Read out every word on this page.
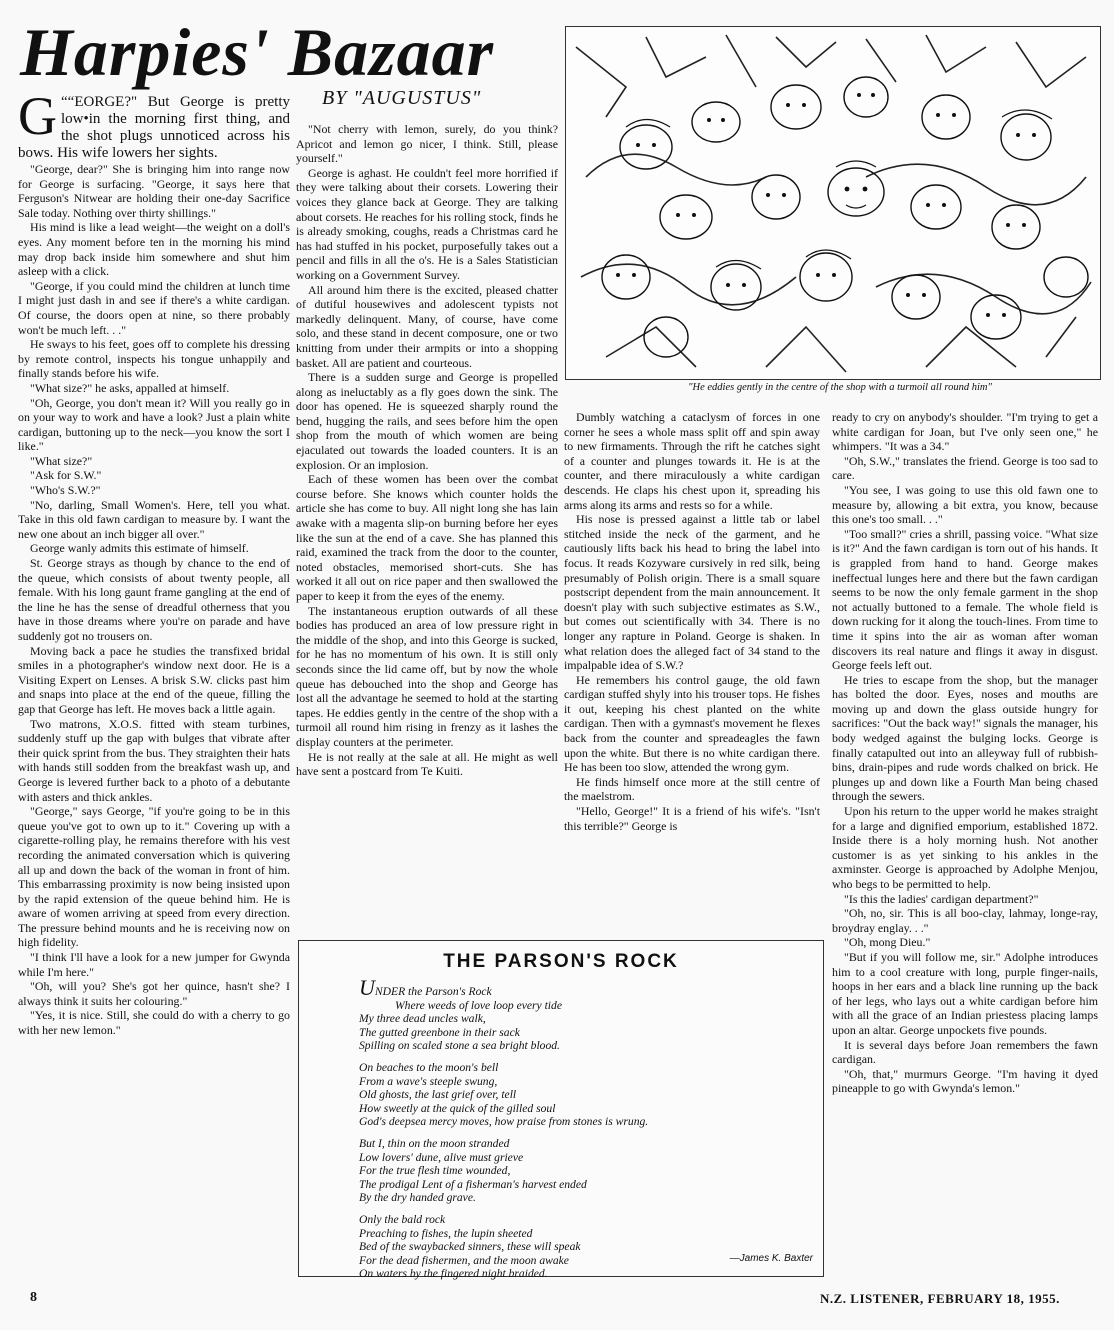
Harpies' Bazaar
BY "AUGUSTUS"
"He eddies gently in the centre of the shop with a turmoil all round him"

““
G EORGE?" But George is pretty low•in the morning first thing, and the shot plugs unnoticed across his bows. His wife lowers her sights.

"George, dear?" She is bringing him into range now for George is surfacing. "George, it says here that Ferguson's Nitwear are holding their one-day Sacrifice Sale today. Nothing over thirty shillings."

His mind is like a lead weight—the weight on a doll's eyes. Any moment before ten in the morning his mind may drop back inside him somewhere and shut him asleep with a click.

"George, if you could mind the children at lunch time I might just dash in and see if there's a white cardigan. Of course, the doors open at nine, so there probably won't be much left. . ."

He sways to his feet, goes off to complete his dressing by remote control, inspects his tongue unhappily and finally stands before his wife.

"What size?" he asks, appalled at himself.

"Oh, George, you don't mean it? Will you really go in on your way to work and have a look? Just a plain white cardigan, buttoning up to the neck—you know the sort I like."

"What size?"

"Ask for S.W."

"Who's S.W.?"

"No, darling, Small Women's. Here, tell you what. Take in this old fawn cardigan to measure by. I want the new one about an inch bigger all over."

George wanly admits this estimate of himself.

St. George strays as though by chance to the end of the queue, which consists of about twenty people, all female. With his long gaunt frame gangling at the end of the line he has the sense of dreadful otherness that you have in those dreams where you're on parade and have suddenly got no trousers on.

Moving back a pace he studies the transfixed bridal smiles in a photographer's window next door. He is a Visiting Expert on Lenses. A brisk S.W. clicks past him and snaps into place at the end of the queue, filling the gap that George has left. He moves back a little again.

Two matrons, X.O.S. fitted with steam turbines, suddenly stuff up the gap with bulges that vibrate after their quick sprint from the bus. They straighten their hats with hands still sodden from the breakfast wash up, and George is levered further back to a photo of a debutante with asters and thick ankles.

"George," says George, "if you're going to be in this queue you've got to own up to it." Covering up with a cigarette-rolling play, he remains therefore with his vest recording the animated conversation which is quivering all up and down the back of the woman in front of him. This embarrassing proximity is now being insisted upon by the rapid extension of the queue behind him. He is aware of women arriving at speed from every direction. The pressure behind mounts and he is receiving now on high fidelity.

"I think I'll have a look for a new jumper for Gwynda while I'm here."

"Oh, will you? She's got her quince, hasn't she? I always think it suits her colouring."

"Yes, it is nice. Still, she could do with a cherry to go with her new lemon."

"Not cherry with lemon, surely, do you think? Apricot and lemon go nicer, I think. Still, please yourself."

George is aghast. He couldn't feel more horrified if they were talking about their corsets. Lowering their voices they glance back at George. They are talking about corsets. He reaches for his rolling stock, finds he is already smoking, coughs, reads a Christmas card he has had stuffed in his pocket, purposefully takes out a pencil and fills in all the o's. He is a Sales Statistician working on a Government Survey.

All around him there is the excited, pleased chatter of dutiful housewives and adolescent typists not markedly delinquent. Many, of course, have come solo, and these stand in decent composure, one or two knitting from under their armpits or into a shopping basket. All are patient and courteous.

There is a sudden surge and George is propelled along as ineluctably as a fly goes down the sink. The door has opened. He is squeezed sharply round the bend, hugging the rails, and sees before him the open shop from the mouth of which women are being ejaculated out towards the loaded counters. It is an explosion. Or an implosion.

Each of these women has been over the combat course before. She knows which counter holds the article she has come to buy. All night long she has lain awake with a magenta slip-on burning before her eyes like the sun at the end of a cave. She has planned this raid, examined the track from the door to the counter, noted obstacles, memorised short-cuts. She has worked it all out on rice paper and then swallowed the paper to keep it from the eyes of the enemy.

The instantaneous eruption outwards of all these bodies has produced an area of low pressure right in the middle of the shop, and into this George is sucked, for he has no momentum of his own. It is still only seconds since the lid came off, but by now the whole queue has debouched into the shop and George has lost all the advantage he seemed to hold at the starting tapes. He eddies gently in the centre of the shop with a turmoil all round him rising in frenzy as it lashes the display counters at the perimeter.

He is not really at the sale at all. He might as well have sent a postcard from Te Kuiti.

Dumbly watching a cataclysm of forces in one corner he sees a whole mass split off and spin away to new firmaments. Through the rift he catches sight of a counter and plunges towards it. He is at the counter, and there miraculously a white cardigan descends. He claps his chest upon it, spreading his arms along its arms and rests so for a while.

His nose is pressed against a little tab or label stitched inside the neck of the garment, and he cautiously lifts back his head to bring the label into focus. It reads Kozyware cursively in red silk, being presumably of Polish origin. There is a small square postscript dependent from the main announcement. It doesn't play with such subjective estimates as S.W., but comes out scientifically with 34. There is no longer any rapture in Poland. George is shaken. In what relation does the alleged fact of 34 stand to the impalpable idea of S.W.?

He remembers his control gauge, the old fawn cardigan stuffed shyly into his trouser tops. He fishes it out, keeping his chest planted on the white cardigan. Then with a gymnast's movement he flexes back from the counter and spreadeagles the fawn upon the white. But there is no white cardigan there. He has been too slow, attended the wrong gym.

He finds himself once more at the still centre of the maelstrom.

"Hello, George!" It is a friend of his wife's. "Isn't this terrible?" George is

ready to cry on anybody's shoulder. "I'm trying to get a white cardigan for Joan, but I've only seen one," he whimpers. "It was a 34."

"Oh, S.W.," translates the friend. George is too sad to care.

"You see, I was going to use this old fawn one to measure by, allowing a bit extra, you know, because this one's too small. . ."

"Too small?" cries a shrill, passing voice. "What size is it?" And the fawn cardigan is torn out of his hands. It is grappled from hand to hand. George makes ineffectual lunges here and there but the fawn cardigan seems to be now the only female garment in the shop not actually buttoned to a female. The whole field is down rucking for it along the touch-lines. From time to time it spins into the air as woman after woman discovers its real nature and flings it away in disgust. George feels left out.

He tries to escape from the shop, but the manager has bolted the door. Eyes, noses and mouths are moving up and down the glass outside hungry for sacrifices: "Out the back way!" signals the manager, his body wedged against the bulging locks. George is finally catapulted out into an alleyway full of rubbish-bins, drain-pipes and rude words chalked on brick. He plunges up and down like a Fourth Man being chased through the sewers.

Upon his return to the upper world he makes straight for a large and dignified emporium, established 1872. Inside there is a holy morning hush. Not another customer is as yet sinking to his ankles in the axminster. George is approached by Adolphe Menjou, who begs to be permitted to help.

"Is this the ladies' cardigan department?"

"Oh, no, sir. This is all boo-clay, lahmay, longe-ray, broydray englay. . ."

"Oh, mong Dieu."

"But if you will follow me, sir." Adolphe introduces him to a cool creature with long, purple finger-nails, hoops in her ears and a black line running up the back of her legs, who lays out a white cardigan before him with all the grace of an Indian priestess placing lamps upon an altar. George unpockets five pounds.

It is several days before Joan remembers the fawn cardigan.

"Oh, that," murmurs George. "I'm having it dyed pineapple to go with Gwynda's lemon."

THE PARSON'S ROCK

UNDER the Parson's Rock

Where weeds of love loop every tide

My three dead uncles walk,

The gutted greenbone in their sack

Spilling on scaled stone a sea bright blood.

On beaches to the moon's bell

From a wave's steeple swung,

Old ghosts, the last grief over, tell

How sweetly at the quick of the gilled soul

God's deepsea mercy moves, how praise from stones is wrung.

But I, thin on the moon stranded

Low lovers' dune, alive must grieve

For the true flesh time wounded,

The prodigal Lent of a fisherman's harvest ended

By the dry handed grave.

Only the bald rock

Preaching to fishes, the lupin sheeted

Bed of the swaybacked sinners, these will speak

For the dead fishermen, and the moon awake

On waters by the fingered night braided.

—James K. Baxter
8	N.Z. LISTENER, FEBRUARY 18, 1955.
